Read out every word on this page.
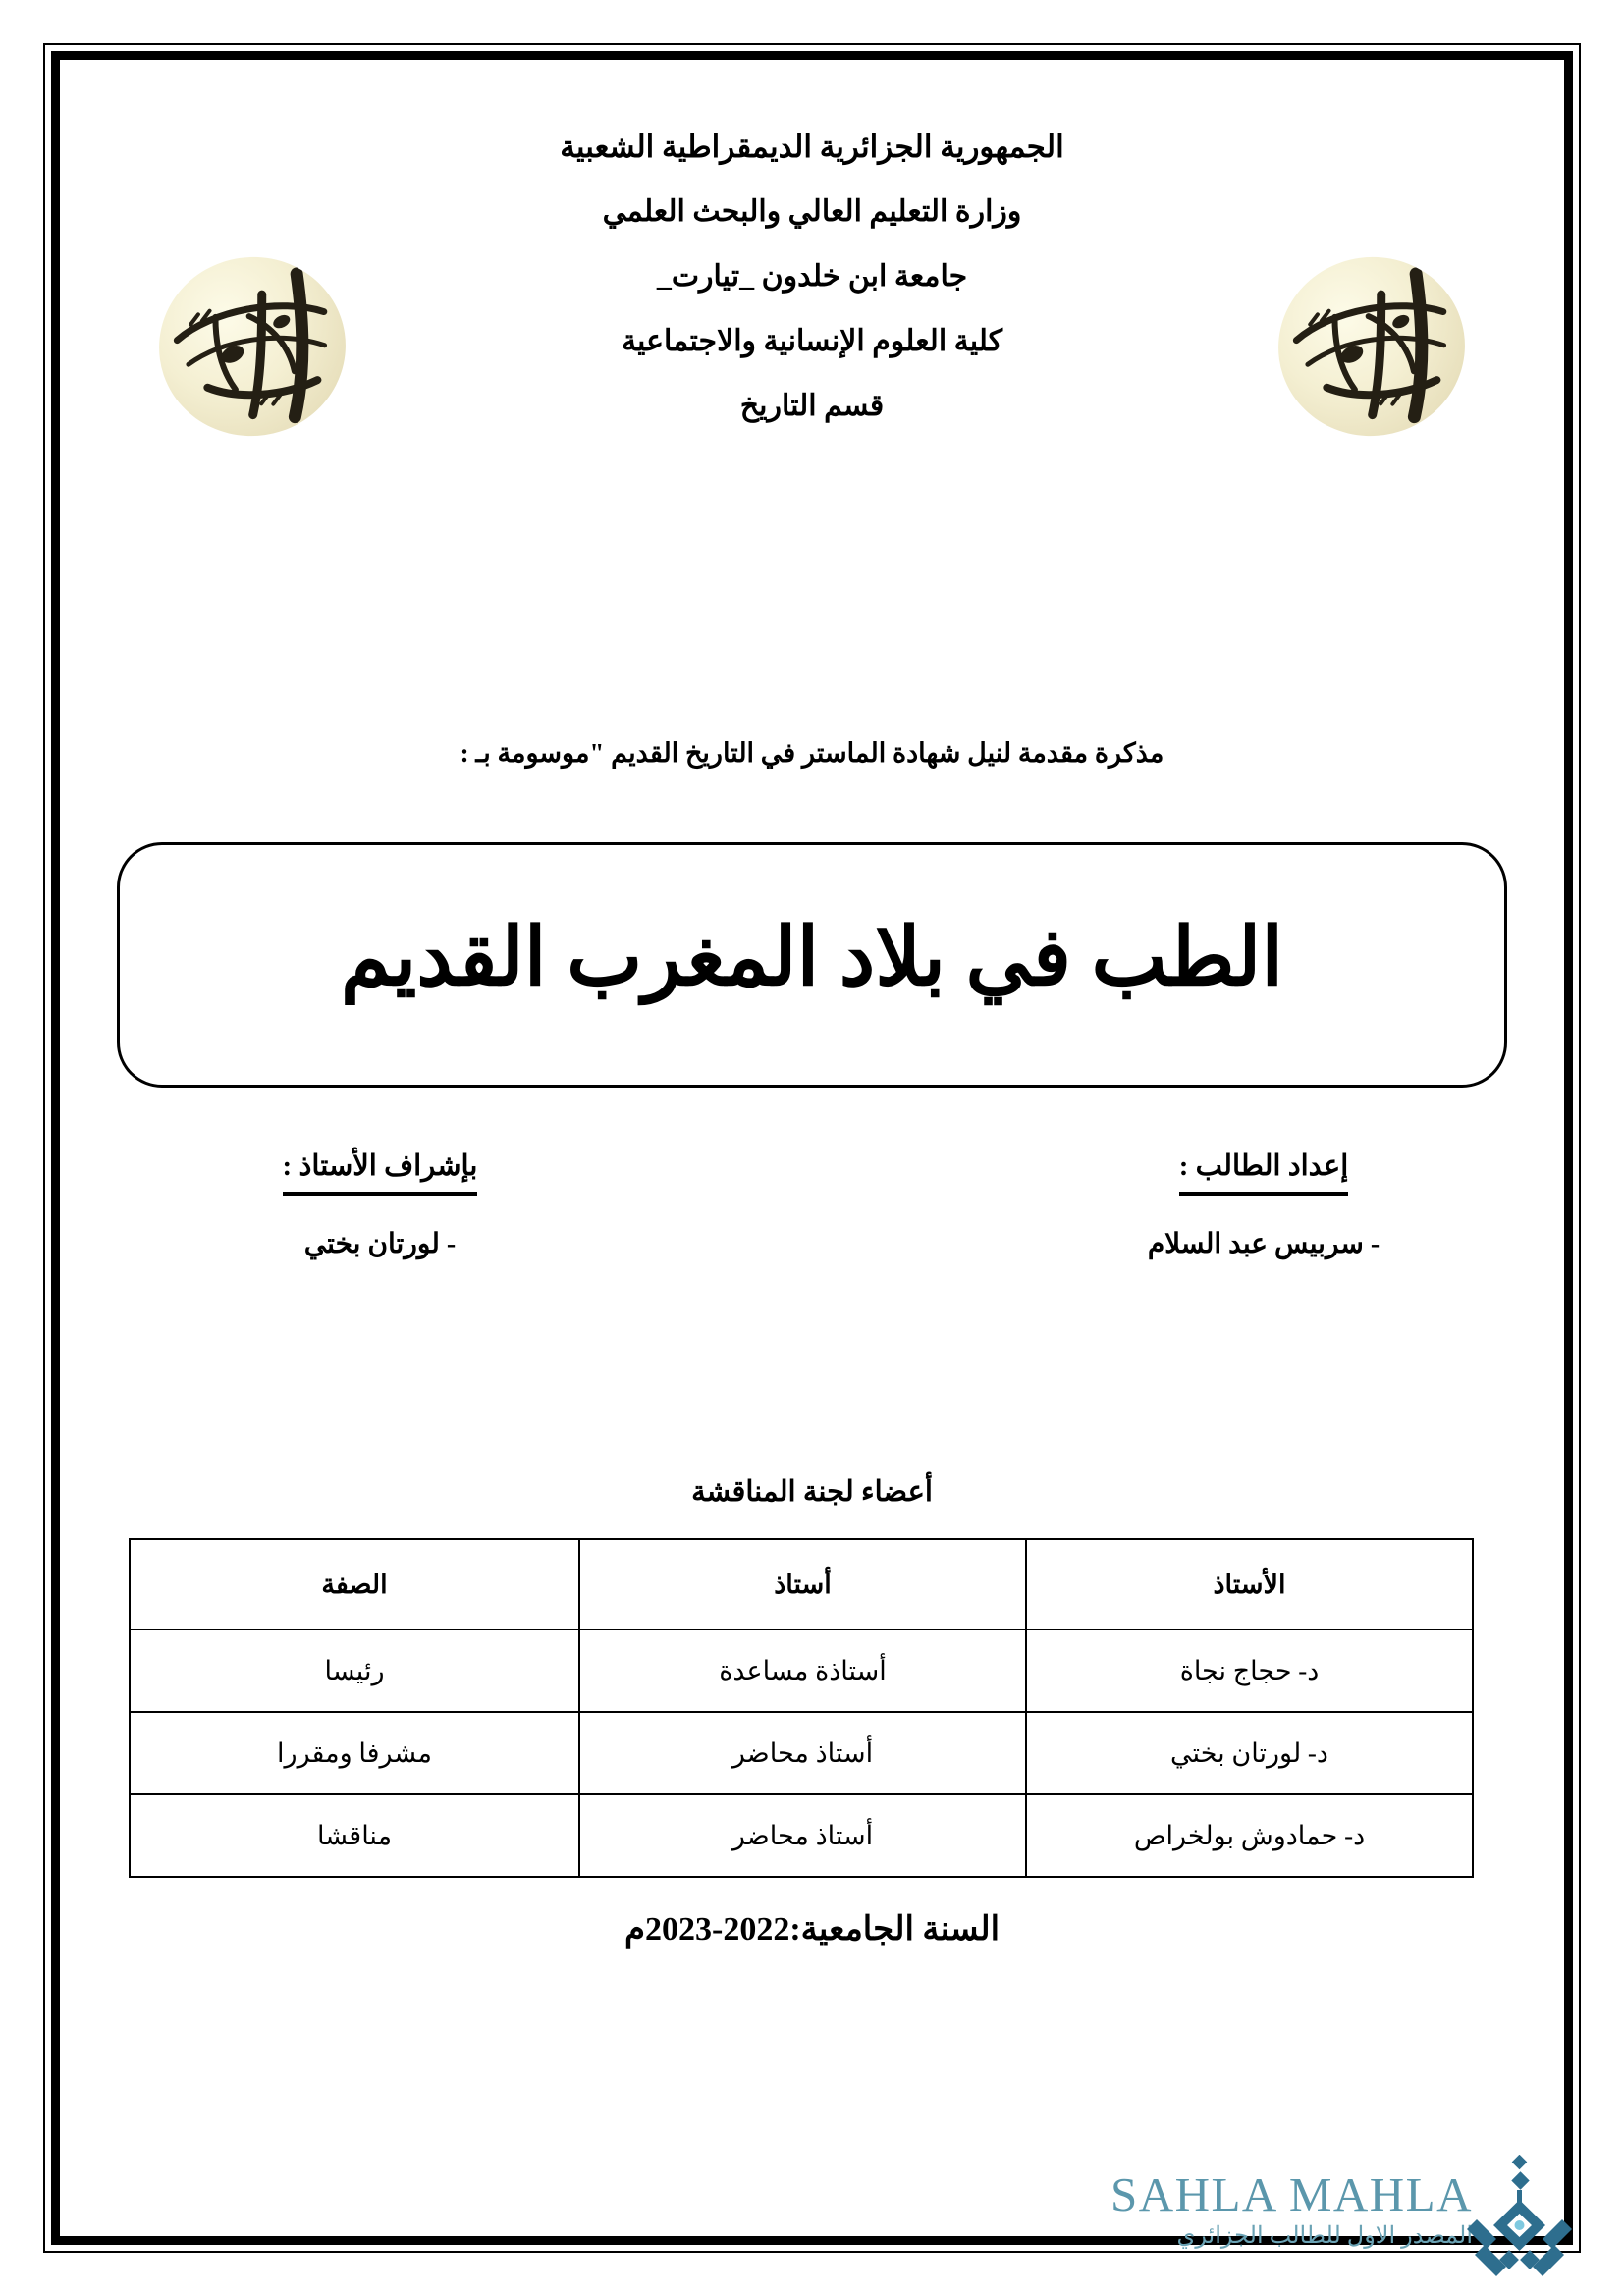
الجمهورية الجزائرية الديمقراطية الشعبية
وزارة التعليم العالي والبحث العلمي
جامعة ابن خلدون _تيارت_
كلية العلوم الإنسانية والاجتماعية
قسم التاريخ
مذكرة مقدمة لنيل شهادة الماستر في التاريخ القديم "موسومة بـ :
الطب في بلاد المغرب القديم
إعداد الطالب :
- سربيس عبد السلام
بإشراف الأستاذ :
- لورتان بختي
أعضاء لجنة المناقشة
الأستاذ	أستاذ	الصفة
د- حجاج نجاة	أستاذة مساعدة	رئيسا
د- لورتان بختي	أستاذ محاضر	مشرفا ومقررا
د- حمادوش بولخراص	أستاذ محاضر	مناقشا
السنة الجامعية:2022-2023م
SAHLA MAHLA
المصدر الاول للطالب الجزائري
